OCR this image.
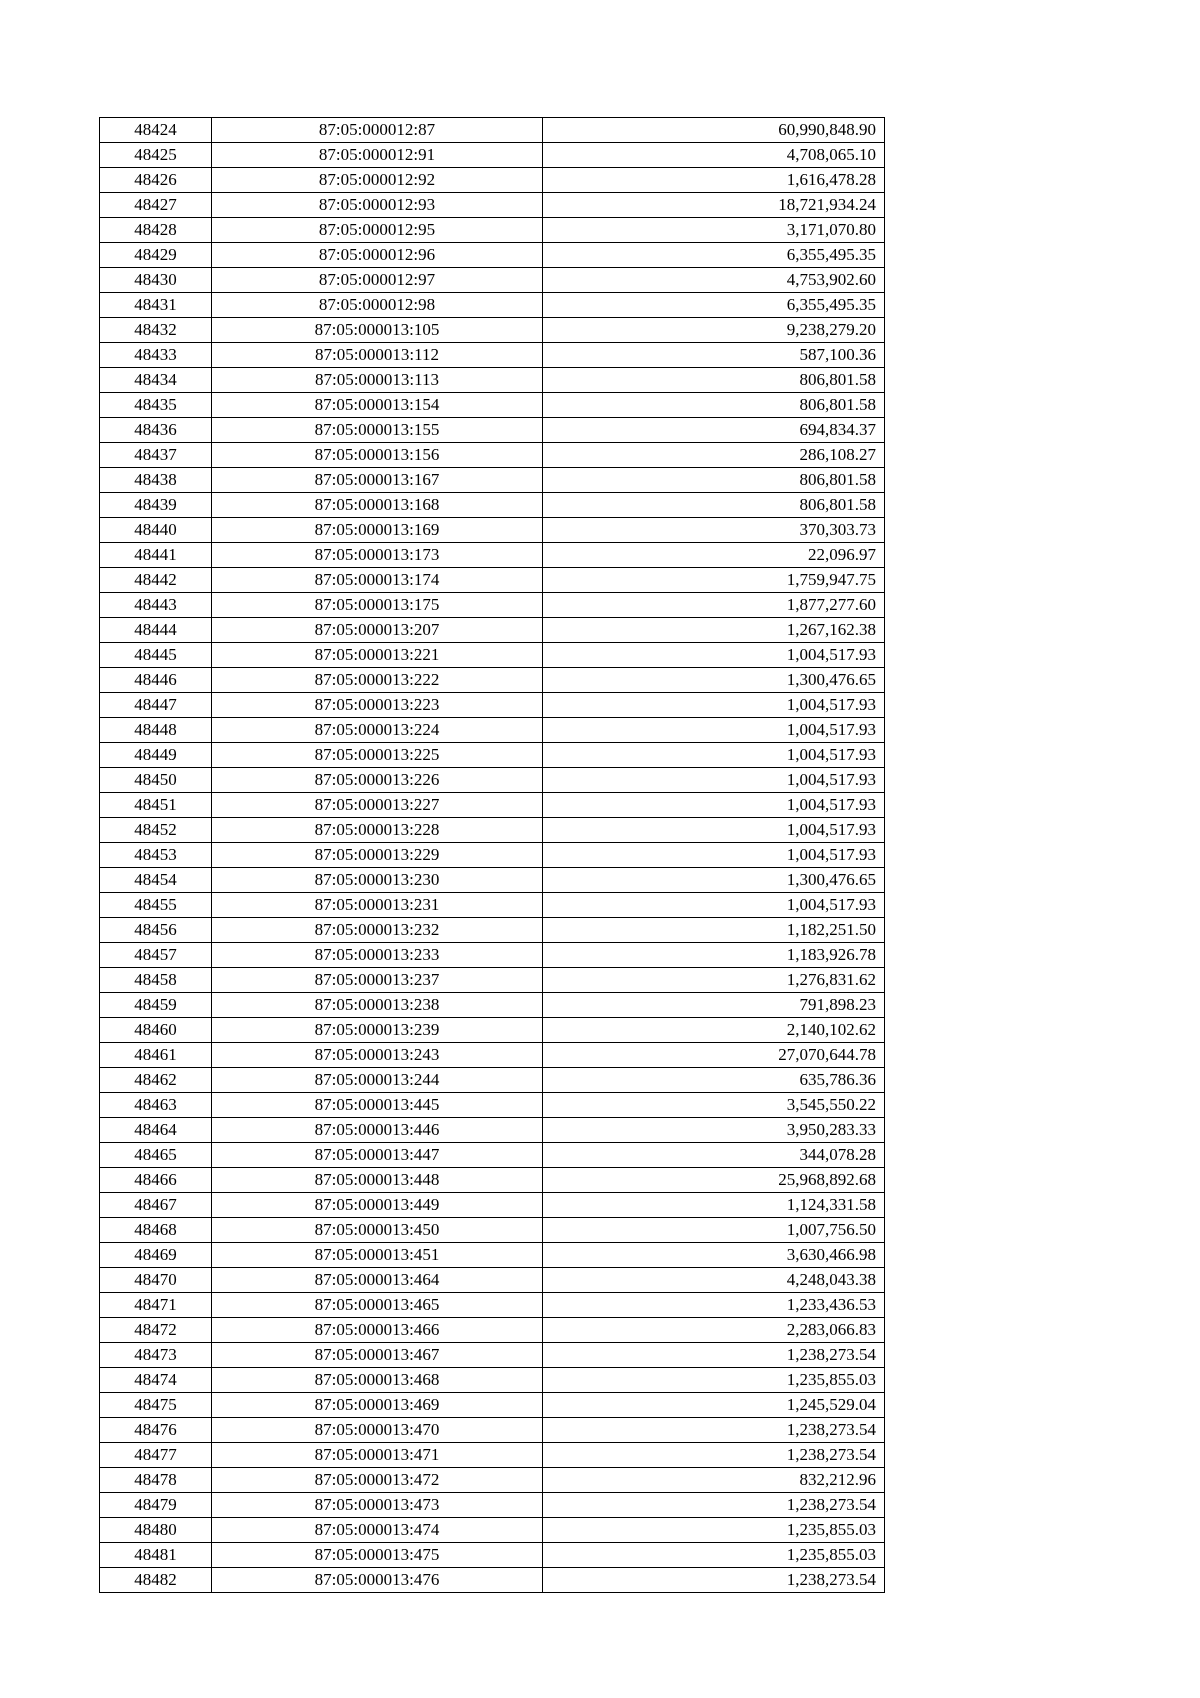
48424	87:05:000012:87	60,990,848.90
48425	87:05:000012:91	4,708,065.10
48426	87:05:000012:92	1,616,478.28
48427	87:05:000012:93	18,721,934.24
48428	87:05:000012:95	3,171,070.80
48429	87:05:000012:96	6,355,495.35
48430	87:05:000012:97	4,753,902.60
48431	87:05:000012:98	6,355,495.35
48432	87:05:000013:105	9,238,279.20
48433	87:05:000013:112	587,100.36
48434	87:05:000013:113	806,801.58
48435	87:05:000013:154	806,801.58
48436	87:05:000013:155	694,834.37
48437	87:05:000013:156	286,108.27
48438	87:05:000013:167	806,801.58
48439	87:05:000013:168	806,801.58
48440	87:05:000013:169	370,303.73
48441	87:05:000013:173	22,096.97
48442	87:05:000013:174	1,759,947.75
48443	87:05:000013:175	1,877,277.60
48444	87:05:000013:207	1,267,162.38
48445	87:05:000013:221	1,004,517.93
48446	87:05:000013:222	1,300,476.65
48447	87:05:000013:223	1,004,517.93
48448	87:05:000013:224	1,004,517.93
48449	87:05:000013:225	1,004,517.93
48450	87:05:000013:226	1,004,517.93
48451	87:05:000013:227	1,004,517.93
48452	87:05:000013:228	1,004,517.93
48453	87:05:000013:229	1,004,517.93
48454	87:05:000013:230	1,300,476.65
48455	87:05:000013:231	1,004,517.93
48456	87:05:000013:232	1,182,251.50
48457	87:05:000013:233	1,183,926.78
48458	87:05:000013:237	1,276,831.62
48459	87:05:000013:238	791,898.23
48460	87:05:000013:239	2,140,102.62
48461	87:05:000013:243	27,070,644.78
48462	87:05:000013:244	635,786.36
48463	87:05:000013:445	3,545,550.22
48464	87:05:000013:446	3,950,283.33
48465	87:05:000013:447	344,078.28
48466	87:05:000013:448	25,968,892.68
48467	87:05:000013:449	1,124,331.58
48468	87:05:000013:450	1,007,756.50
48469	87:05:000013:451	3,630,466.98
48470	87:05:000013:464	4,248,043.38
48471	87:05:000013:465	1,233,436.53
48472	87:05:000013:466	2,283,066.83
48473	87:05:000013:467	1,238,273.54
48474	87:05:000013:468	1,235,855.03
48475	87:05:000013:469	1,245,529.04
48476	87:05:000013:470	1,238,273.54
48477	87:05:000013:471	1,238,273.54
48478	87:05:000013:472	832,212.96
48479	87:05:000013:473	1,238,273.54
48480	87:05:000013:474	1,235,855.03
48481	87:05:000013:475	1,235,855.03
48482	87:05:000013:476	1,238,273.54
